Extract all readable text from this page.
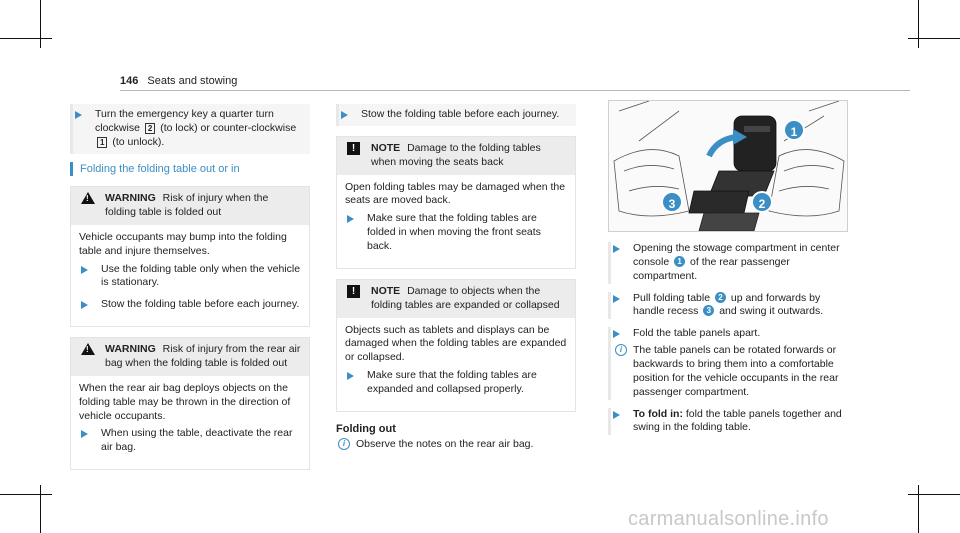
146 Seats and stowing
Turn the emergency key a quarter turn clockwise 2 (to lock) or counter-clockwise 1 (to unlock).
Folding the folding table out or in
!
WARNING Risk of injury when the folding table is folded out

Vehicle occupants may bump into the folding table and injure themselves.

Use the folding table only when the vehicle is stationary.
Stow the folding table before each journey.
!
WARNING Risk of injury from the rear air bag when the folding table is folded out

When the rear air bag deploys objects on the folding table may be thrown in the direction of vehicle occupants.

When using the table, deactivate the rear air bag.
Stow the folding table before each journey.
!	NOTE Damage to the folding tables when moving the seats back

Open folding tables may be damaged when the seats are moved back.

Make sure that the folding tables are folded in when moving the front seats back.
!	NOTE Damage to objects when the folding tables are expanded or collapsed

Objects such as tablets and displays can be damaged when the folding tables are expanded or collapsed.

Make sure that the folding tables are expanded and collapsed properly.
Folding out
i	Observe the notes on the rear air bag.
1
2
3
Opening the stowage compartment in center console 1 of the rear passenger compartment.
Pull folding table 2 up and forwards by handle recess 3 and swing it outwards.
Fold the table panels apart.
i	The table panels can be rotated forwards or backwards to bring them into a comfortable position for the vehicle occupants in the rear passenger compartment.
To fold in: fold the table panels together and swing in the folding table.
carmanualsonline.info
